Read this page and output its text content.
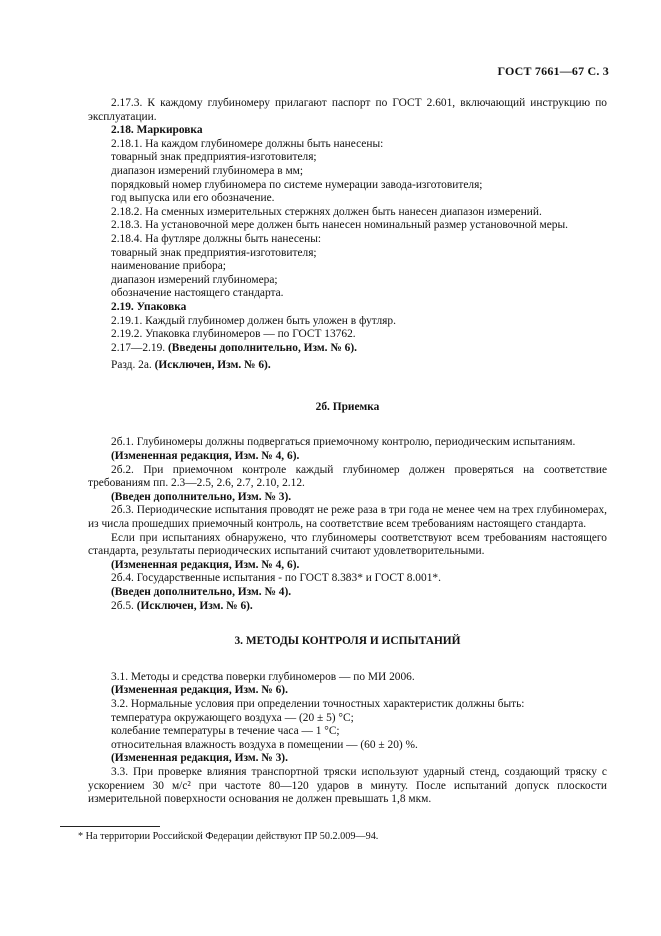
ГОСТ 7661—67 С. 3

2.17.3. К каждому глубиномеру прилагают паспорт по ГОСТ 2.601, включающий инструкцию по эксплуатации.

2.18. Маркировка

2.18.1. На каждом глубиномере должны быть нанесены:

товарный знак предприятия-изготовителя;

диапазон измерений глубиномера в мм;

порядковый номер глубиномера по системе нумерации завода-изготовителя;

год выпуска или его обозначение.

2.18.2. На сменных измерительных стержнях должен быть нанесен диапазон измерений.

2.18.3. На установочной мере должен быть нанесен номинальный размер установочной меры.

2.18.4. На футляре должны быть нанесены:

товарный знак предприятия-изготовителя;

наименование прибора;

диапазон измерений глубиномера;

обозначение настоящего стандарта.

2.19. Упаковка

2.19.1. Каждый глубиномер должен быть уложен в футляр.

2.19.2. Упаковка глубиномеров — по ГОСТ 13762.

2.17—2.19. (Введены дополнительно, Изм. № 6).

Разд. 2а. (Исключен, Изм. № 6).

2б. Приемка

2б.1. Глубиномеры должны подвергаться приемочному контролю, периодическим испытаниям.

(Измененная редакция, Изм. № 4, 6).

2б.2. При приемочном контроле каждый глубиномер должен проверяться на соответствие требованиям пп. 2.3—2.5, 2.6, 2.7, 2.10, 2.12.

(Введен дополнительно, Изм. № 3).

2б.3. Периодические испытания проводят не реже раза в три года не менее чем на трех глубиномерах, из числа прошедших приемочный контроль, на соответствие всем требованиям настоящего стандарта.

Если при испытаниях обнаружено, что глубиномеры соответствуют всем требованиям настоящего стандарта, результаты периодических испытаний считают удовлетворительными.

(Измененная редакция, Изм. № 4, 6).

2б.4. Государственные испытания - по ГОСТ 8.383* и ГОСТ 8.001*.

(Введен дополнительно, Изм. № 4).

2б.5. (Исключен, Изм. № 6).

3. МЕТОДЫ КОНТРОЛЯ И ИСПЫТАНИЙ

3.1. Методы и средства поверки глубиномеров — по МИ 2006.

(Измененная редакция, Изм. № 6).

3.2. Нормальные условия при определении точностных характеристик должны быть:

температура окружающего воздуха — (20 ± 5) °С;

колебание температуры в течение часа — 1 °С;

относительная влажность воздуха в помещении — (60 ± 20) %.

(Измененная редакция, Изм. № 3).

3.3. При проверке влияния транспортной тряски используют ударный стенд, создающий тряску с ускорением 30 м/с² при частоте 80—120 ударов в минуту. После испытаний допуск плоскости измерительной поверхности основания не должен превышать 1,8 мкм.

* На территории Российской Федерации действуют ПР 50.2.009—94.
